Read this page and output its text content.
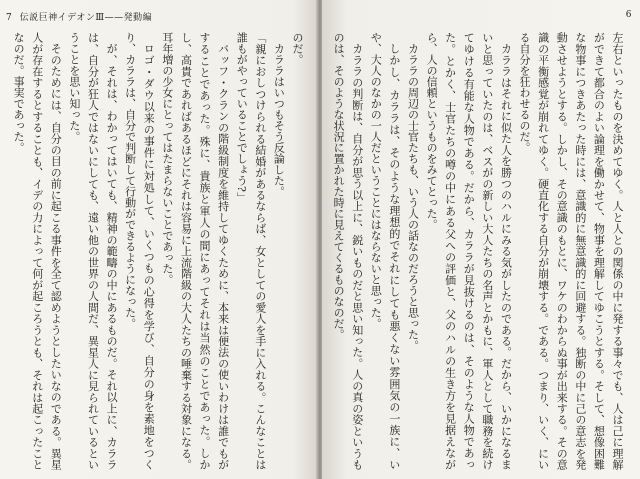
7 伝説巨神イデオンⅢ——発動編

のだ。

カララはいつもそう反論した。

「親におしつけられる結婚があるならば、女としての愛人を手に入れる。こんなことは誰もがやっていることでしょう?」

バッフ・クランの階級制度を維持してゆくために、本来は便法の使いわけは誰でもがすることであった。殊に、貴族と軍人の間にあってそれは当然のことであった。しかし、高貴であればあるほどにそれは容易に上流階級の大人たちの唾棄する対象になる。耳年増の少女にとってはたまらないことであった。

ロゴ・ダウ以来の事件に対処して、いくつもの心得を学び、自分の身を素地をつくり、カララは、自分で判断して行動ができるようになった。

が、それは、わかってはいても、精神の範疇の中にあるものだ。それ以上に、カララは、自分が狂人ではないにしても、遠い他の世界の人間だ、異星人に見られているということを思い知った。

そのためには、自分の目の前に起こる事件を全て認めようとしたいなのである。異星人が存在するとすることも、イデの力によって何が起ころうとも、それは起こったことなのだ。事実であった。

6

左右といったものを決めてゆく。人と人との関係の中に発する事々でも、人は己に理解ができて都合のよい論理を働かせて、物事を理解してゆこうとする。そして、想像困難な物事につきあたった時には、意識的に無意識的に回避する。独断の中に己の意志を発動させようとする。しかし、その意識のもとに、ワケのわからぬ事が出来する。その意識の平衡感覚が崩れてゆく。硬直化する自分が崩壊する。である。つまり、いく、にいる自分を狂わせるのだ。

カララはそれに似た人を勝つのハルにみる気がしたのである。だから、いかになるまいと思っていたのは、ベスがの新しい大人たちの名声とかもに、軍人として職務を続けてゆける有能な人物である。だから、カララが見抜けるのは、そのような人物であった。とかく、士官たちの噂の中にある父への評価と、父のハルの生き方を見据えながら、人の信頼というものをみてとった。

カララの周辺の士官たちも、いう人の話なのだろうと思った。

しかし、カララは、そのような理想的でそれにしても悪くない雰囲気の一族に、いや、大人のなかの一人だということにはならないと思った。

カララの判断は、自分が思う以上に、鋭いものだと思い知った。人の真の姿というものは、そのような状況に置かれた時に見えてくるものなのだ。
